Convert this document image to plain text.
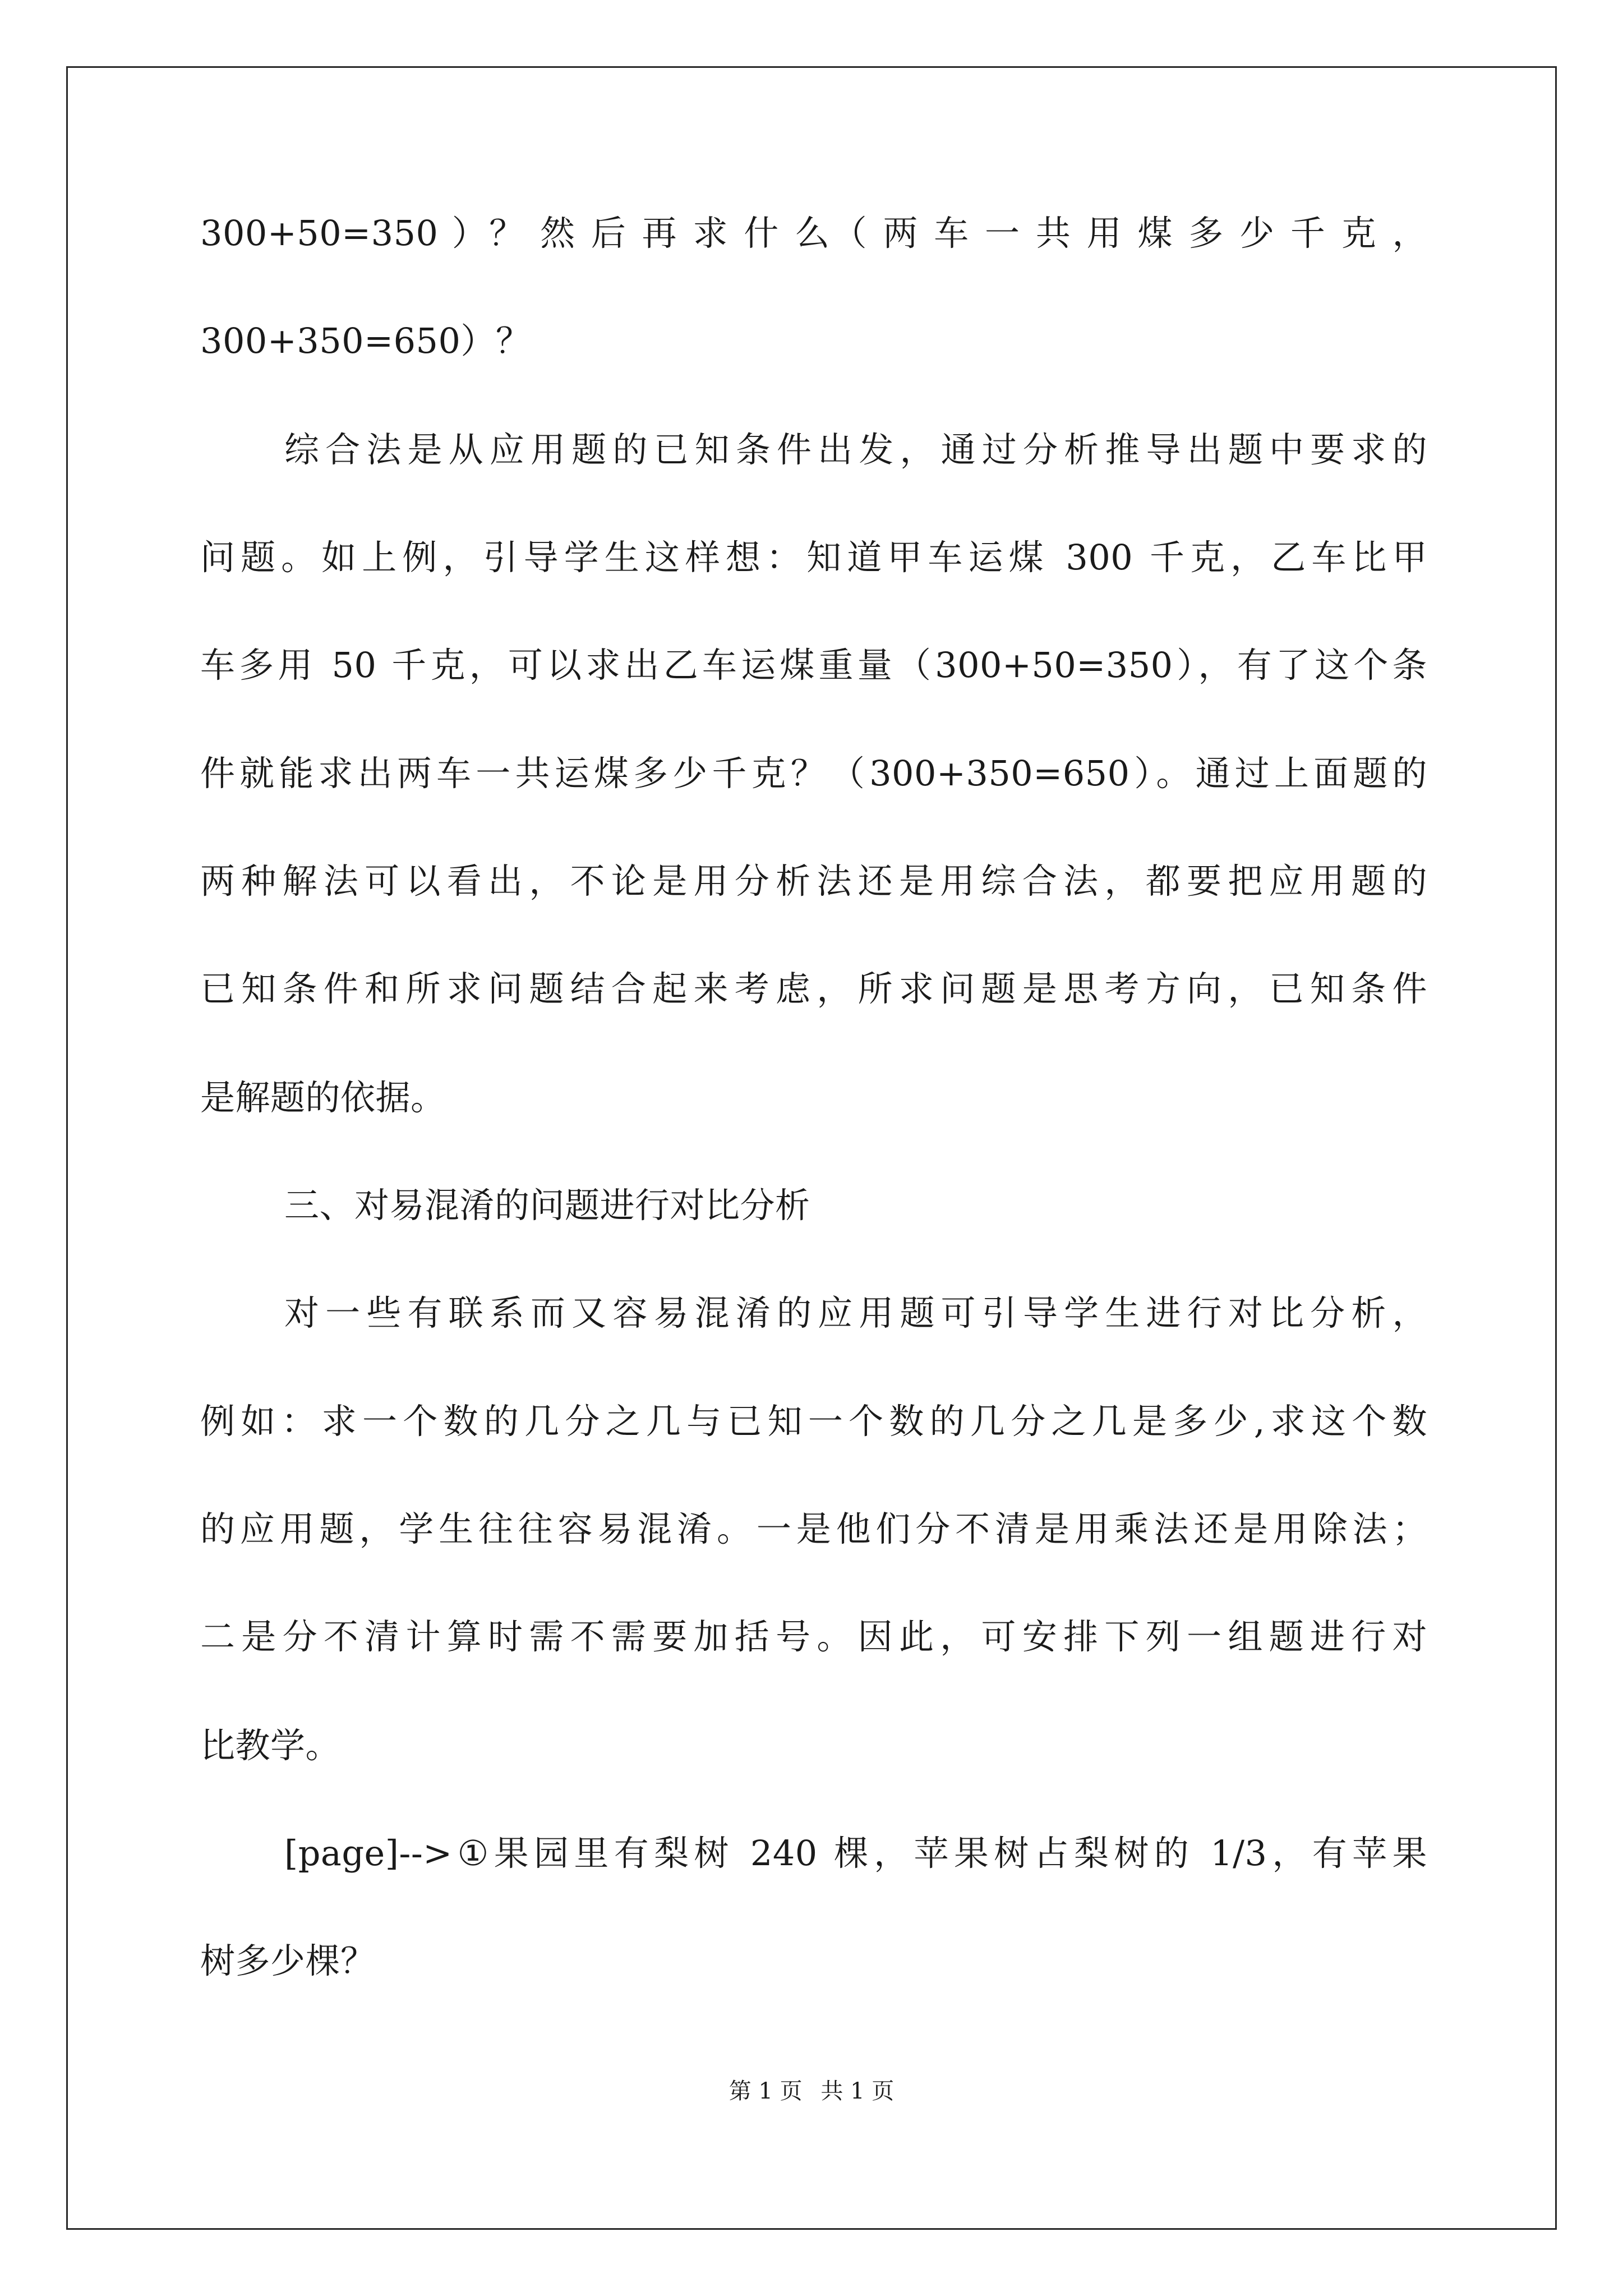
300+50=350 ）？ 然 后 再 求 什 么（ 两 车 一 共 用 煤 多 少 千 克 ，
300+350=650）？
综合法是从应用题的已知条件出发，通过分析推导出题中要求的
问题。如上例，引导学生这样想：知道甲车运煤 300 千克，乙车比甲
车多用 50 千克，可以求出乙车运煤重量（300+50=350），有了这个条
件就能求出两车一共运煤多少千克？（300+350=650）。通过上面题的
两种解法可以看出，不论是用分析法还是用综合法，都要把应用题的
已知条件和所求问题结合起来考虑，所求问题是思考方向，已知条件
是解题的依据。
三、对易混淆的问题进行对比分析
对一些有联系而又容易混淆的应用题可引导学生进行对比分析，
例如：求一个数的几分之几与已知一个数的几分之几是多少,求这个数
的应用题，学生往往容易混淆。一是他们分不清是用乘法还是用除法；
二是分不清计算时需不需要加括号。因此，可安排下列一组题进行对
比教学。
[page]-->①果园里有梨树 240 棵，苹果树占梨树的 1/3，有苹果
树多少棵？
第 1 页 共 1 页
